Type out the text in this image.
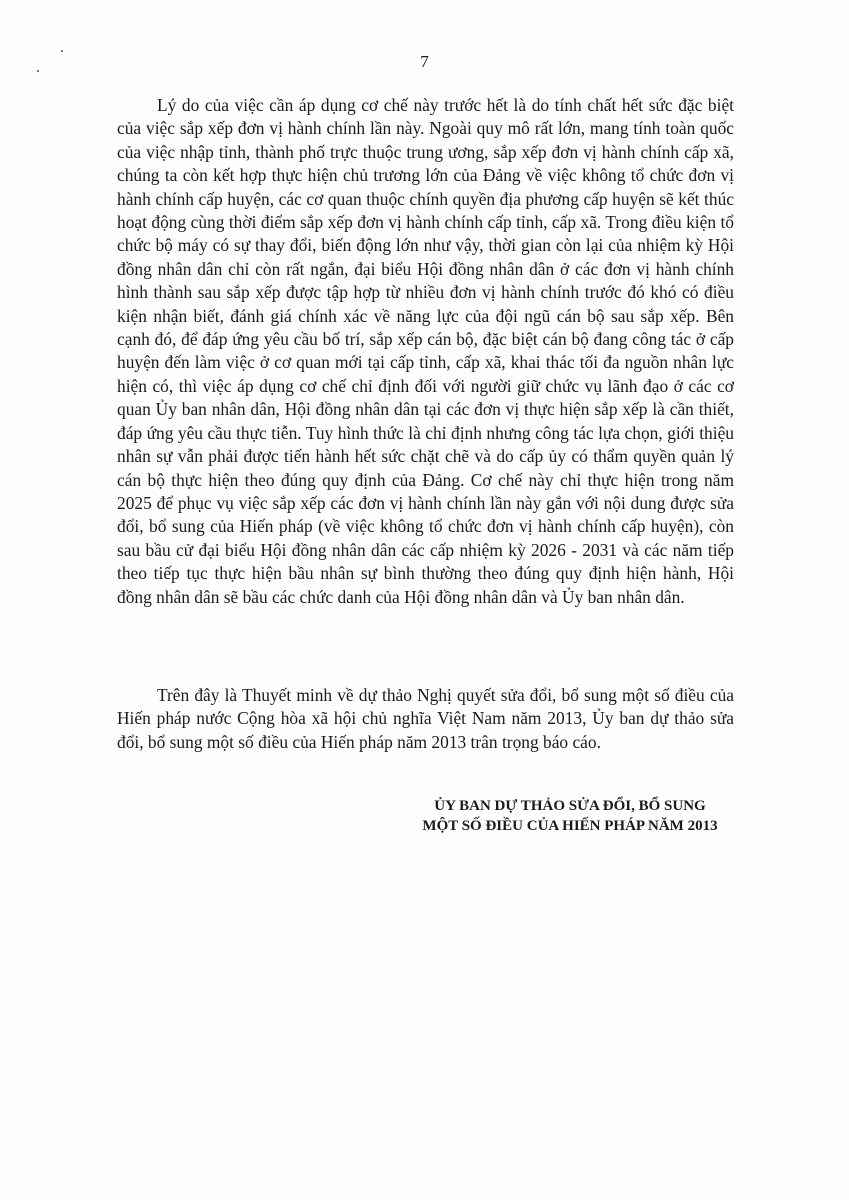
7

Lý do của việc cần áp dụng cơ chế này trước hết là do tính chất hết sức đặc biệt của việc sắp xếp đơn vị hành chính lần này. Ngoài quy mô rất lớn, mang tính toàn quốc của việc nhập tỉnh, thành phố trực thuộc trung ương, sắp xếp đơn vị hành chính cấp xã, chúng ta còn kết hợp thực hiện chủ trương lớn của Đảng về việc không tổ chức đơn vị hành chính cấp huyện, các cơ quan thuộc chính quyền địa phương cấp huyện sẽ kết thúc hoạt động cùng thời điểm sắp xếp đơn vị hành chính cấp tỉnh, cấp xã. Trong điều kiện tổ chức bộ máy có sự thay đổi, biến động lớn như vậy, thời gian còn lại của nhiệm kỳ Hội đồng nhân dân chỉ còn rất ngắn, đại biểu Hội đồng nhân dân ở các đơn vị hành chính hình thành sau sắp xếp được tập hợp từ nhiều đơn vị hành chính trước đó khó có điều kiện nhận biết, đánh giá chính xác về năng lực của đội ngũ cán bộ sau sắp xếp. Bên cạnh đó, để đáp ứng yêu cầu bố trí, sắp xếp cán bộ, đặc biệt cán bộ đang công tác ở cấp huyện đến làm việc ở cơ quan mới tại cấp tỉnh, cấp xã, khai thác tối đa nguồn nhân lực hiện có, thì việc áp dụng cơ chế chỉ định đối với người giữ chức vụ lãnh đạo ở các cơ quan Ủy ban nhân dân, Hội đồng nhân dân tại các đơn vị thực hiện sắp xếp là cần thiết, đáp ứng yêu cầu thực tiễn. Tuy hình thức là chỉ định nhưng công tác lựa chọn, giới thiệu nhân sự vẫn phải được tiến hành hết sức chặt chẽ và do cấp ủy có thẩm quyền quản lý cán bộ thực hiện theo đúng quy định của Đảng. Cơ chế này chỉ thực hiện trong năm 2025 để phục vụ việc sắp xếp các đơn vị hành chính lần này gắn với nội dung được sửa đổi, bổ sung của Hiến pháp (về việc không tổ chức đơn vị hành chính cấp huyện), còn sau bầu cử đại biểu Hội đồng nhân dân các cấp nhiệm kỳ 2026 - 2031 và các năm tiếp theo tiếp tục thực hiện bầu nhân sự bình thường theo đúng quy định hiện hành, Hội đồng nhân dân sẽ bầu các chức danh của Hội đồng nhân dân và Ủy ban nhân dân.

Trên đây là Thuyết minh về dự thảo Nghị quyết sửa đổi, bổ sung một số điều của Hiến pháp nước Cộng hòa xã hội chủ nghĩa Việt Nam năm 2013, Ủy ban dự thảo sửa đổi, bổ sung một số điều của Hiến pháp năm 2013 trân trọng báo cáo.

ỦY BAN DỰ THẢO SỬA ĐỔI, BỔ SUNG
MỘT SỐ ĐIỀU CỦA HIẾN PHÁP NĂM 2013
